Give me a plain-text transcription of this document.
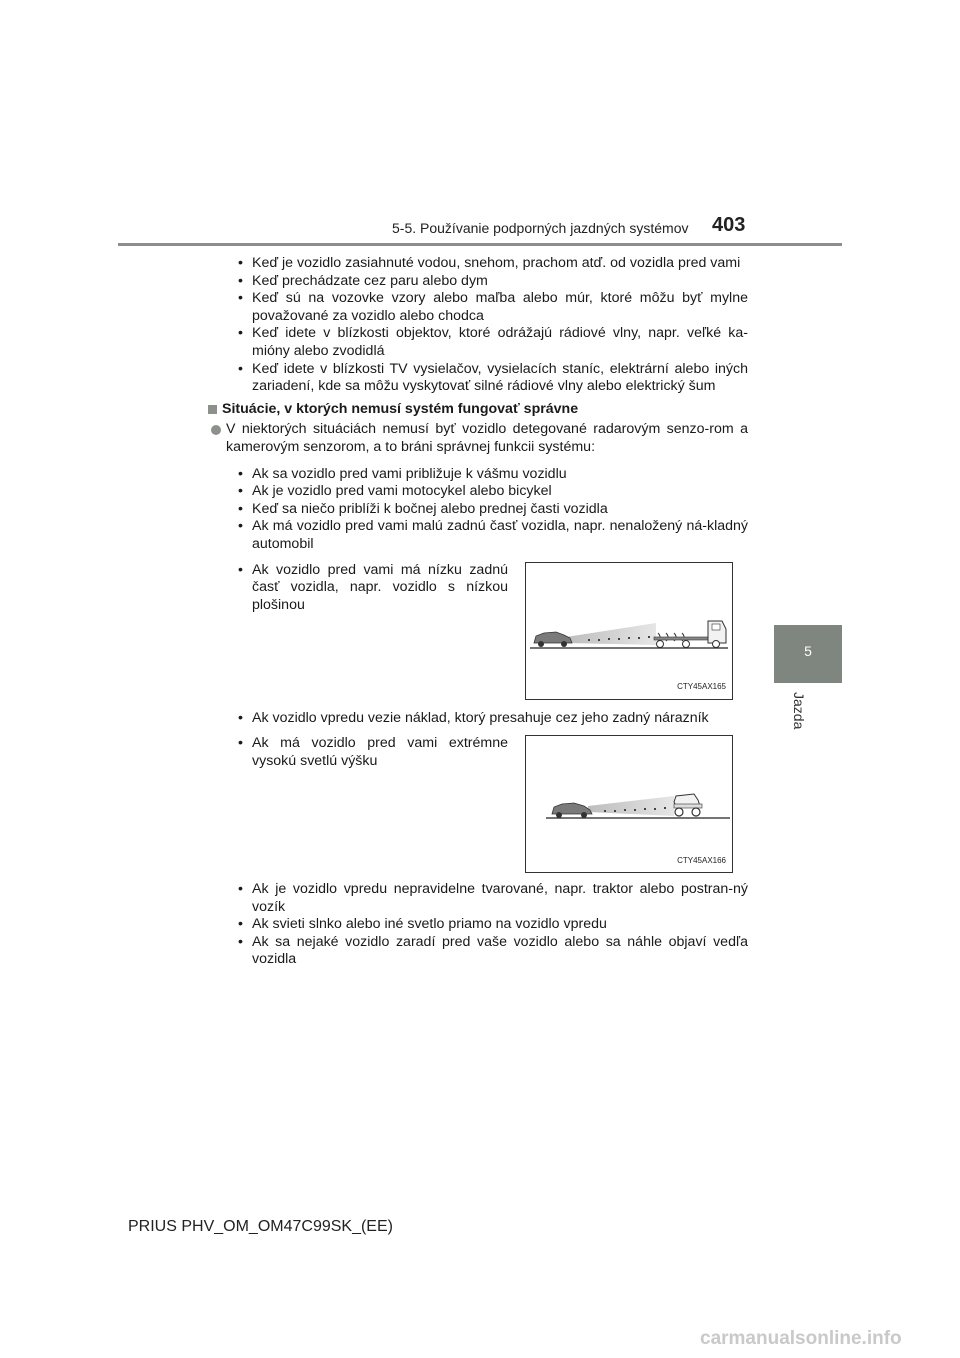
5-5. Používanie podporných jazdných systémov 403
5
Jazda
• Keď je vozidlo zasiahnuté vodou, snehom, prachom atď. od vozidla pred vami
• Keď prechádzate cez paru alebo dym
• Keď sú na vozovke vzory alebo maľba alebo múr, ktoré môžu byť mylne považované za vozidlo alebo chodca
• Keď idete v blízkosti objektov, ktoré odrážajú rádiové vlny, napr. veľké ka-mióny alebo zvodidlá
• Keď idete v blízkosti TV vysielačov, vysielacích staníc, elektrární alebo iných zariadení, kde sa môžu vyskytovať silné rádiové vlny alebo elektrický šum
Situácie, v ktorých nemusí systém fungovať správne
V niektorých situáciách nemusí byť vozidlo detegované radarovým senzo-rom a kamerovým senzorom, a to bráni správnej funkcii systému:
• Ak sa vozidlo pred vami približuje k vášmu vozidlu
• Ak je vozidlo pred vami motocykel alebo bicykel
• Keď sa niečo priblíži k bočnej alebo prednej časti vozidla
• Ak má vozidlo pred vami malú zadnú časť vozidla, napr. nenaložený ná-kladný automobil
• Ak vozidlo pred vami má nízku zadnú časť vozidla, napr. vozidlo s nízkou plošinou
CTY45AX165
• Ak vozidlo vpredu vezie náklad, ktorý presahuje cez jeho zadný nárazník
• Ak má vozidlo pred vami extrémne vysokú svetlú výšku
CTY45AX166
• Ak je vozidlo vpredu nepravidelne tvarované, napr. traktor alebo postran-ný vozík
• Ak svieti slnko alebo iné svetlo priamo na vozidlo vpredu
• Ak sa nejaké vozidlo zaradí pred vaše vozidlo alebo sa náhle objaví vedľa vozidla
PRIUS PHV_OM_OM47C99SK_(EE)
carmanualsonline.info
